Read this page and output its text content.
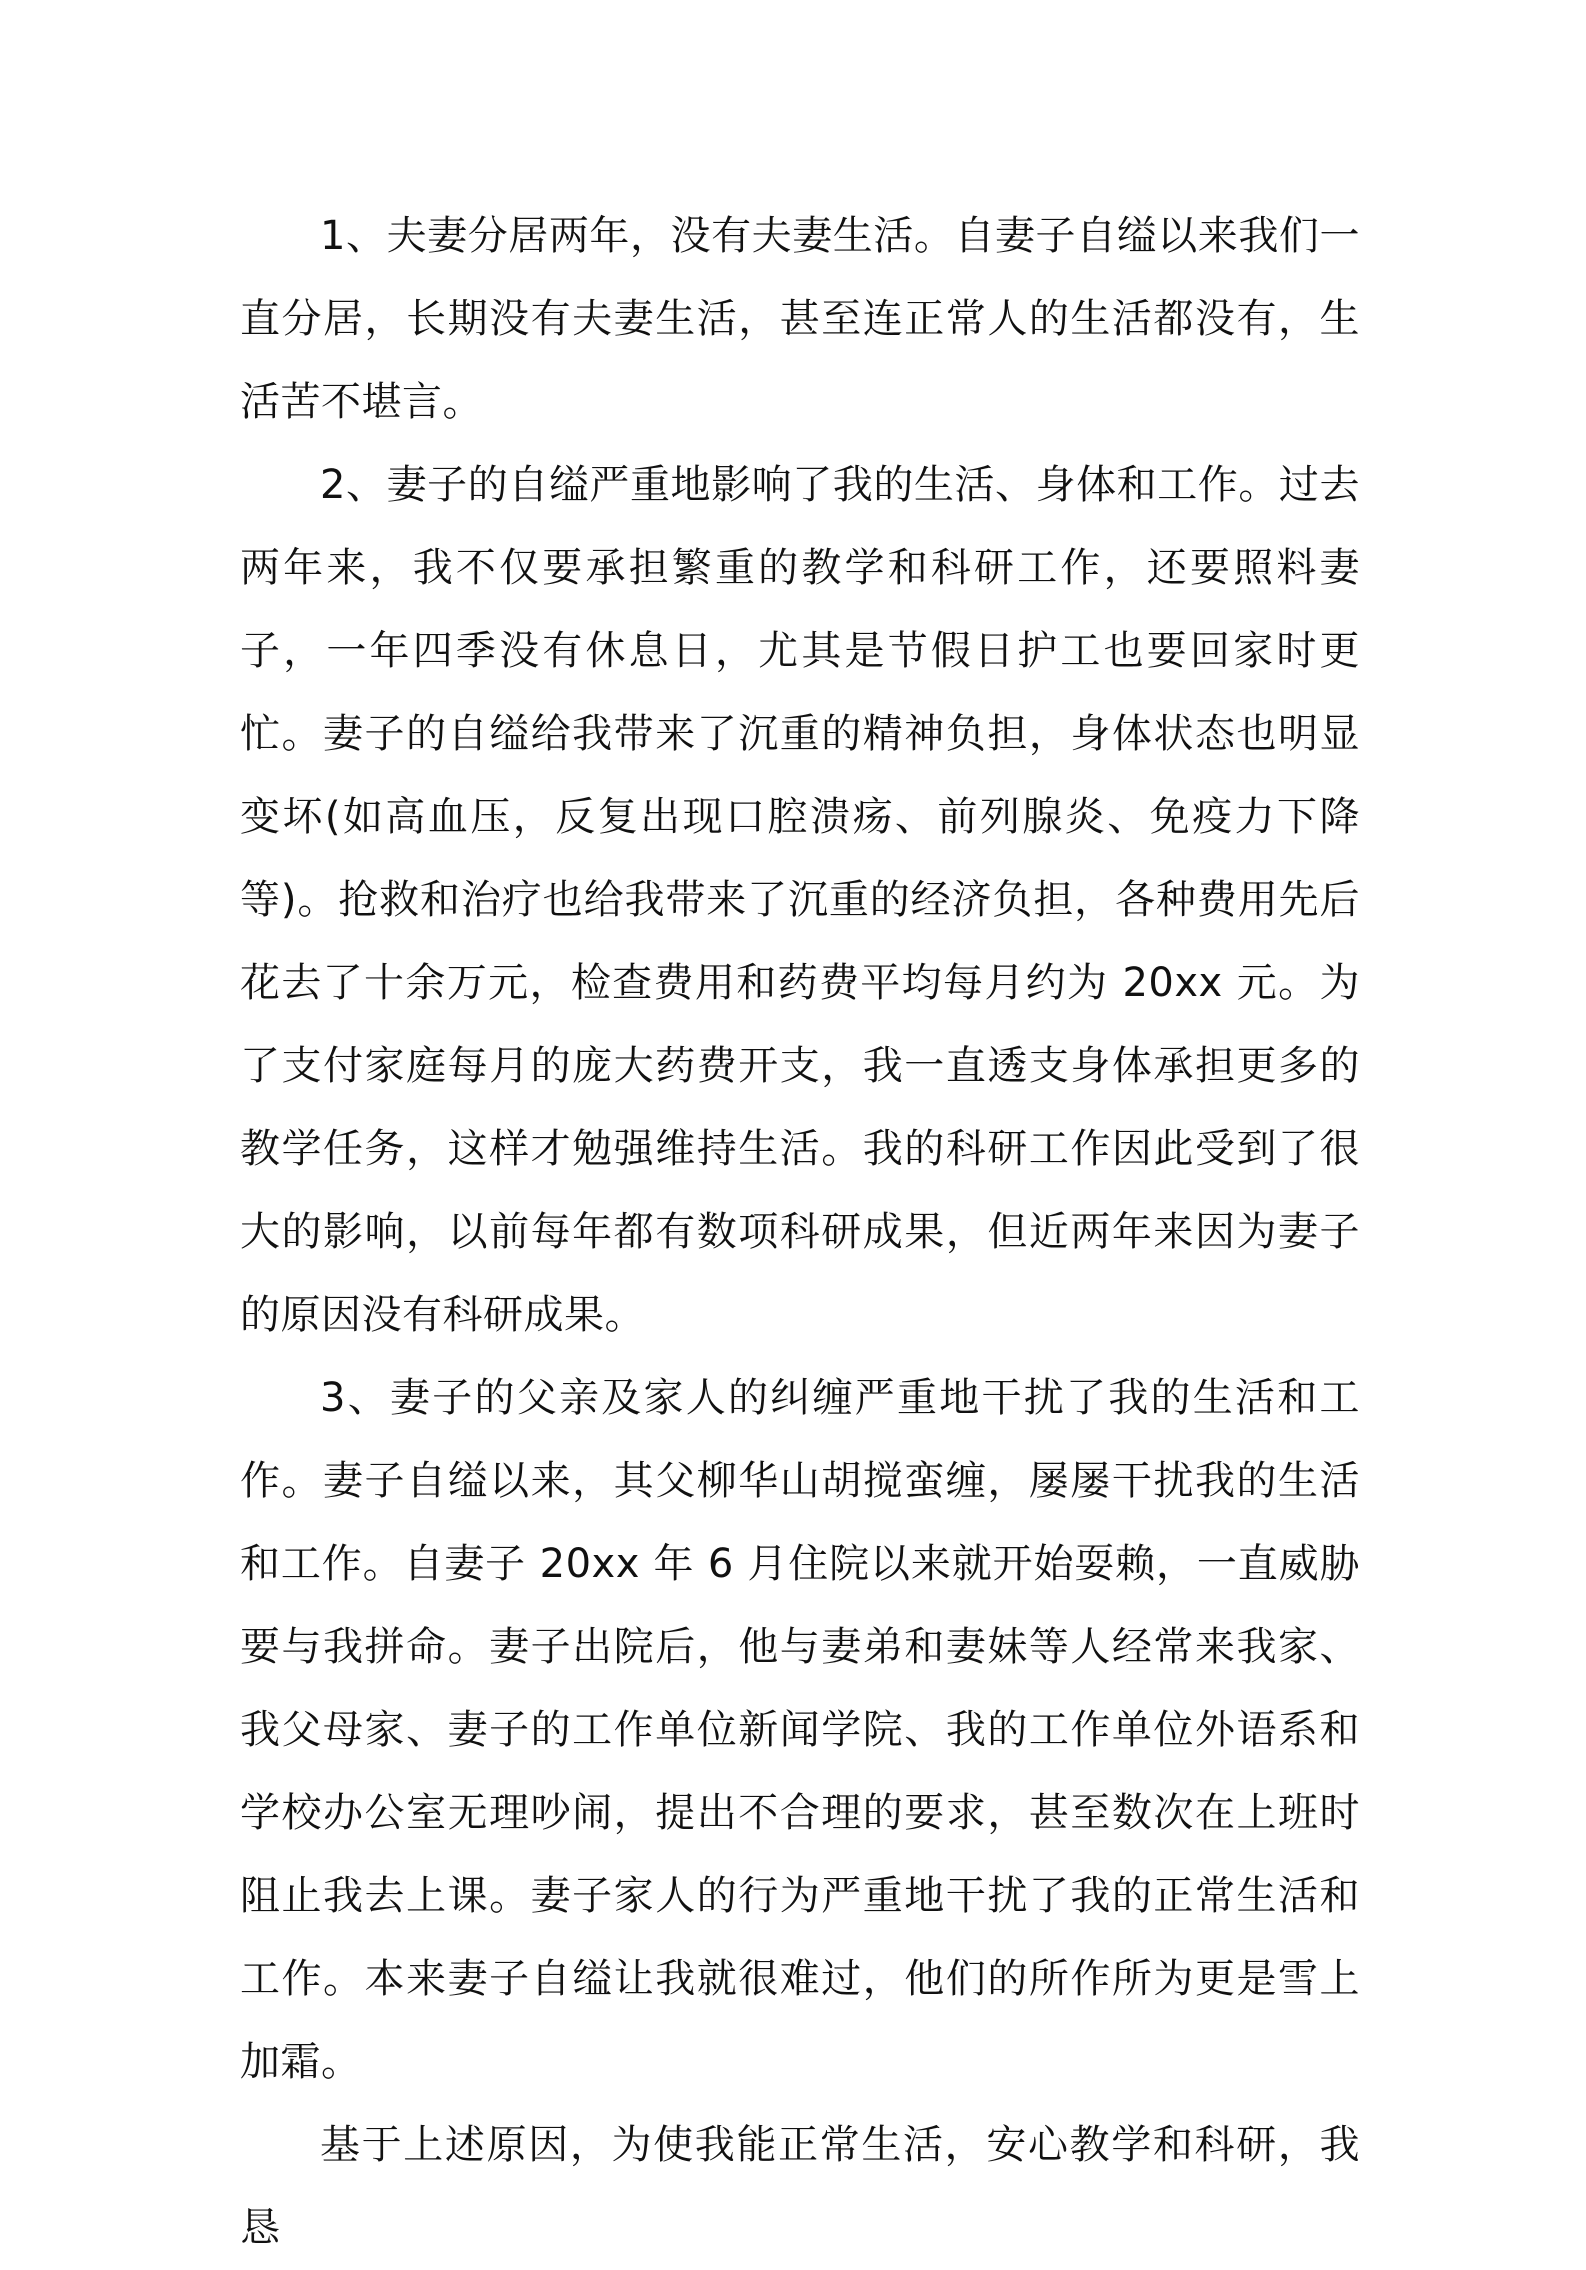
1、夫妻分居两年，没有夫妻生活。自妻子自缢以来我们一直分居，长期没有夫妻生活，甚至连正常人的生活都没有，生活苦不堪言。

2、妻子的自缢严重地影响了我的生活、身体和工作。过去两年来，我不仅要承担繁重的教学和科研工作，还要照料妻子，一年四季没有休息日，尤其是节假日护工也要回家时更忙。妻子的自缢给我带来了沉重的精神负担，身体状态也明显变坏(如高血压，反复出现口腔溃疡、前列腺炎、免疫力下降等)。抢救和治疗也给我带来了沉重的经济负担，各种费用先后花去了十余万元，检查费用和药费平均每月约为 20xx 元。为了支付家庭每月的庞大药费开支，我一直透支身体承担更多的教学任务，这样才勉强维持生活。我的科研工作因此受到了很大的影响，以前每年都有数项科研成果，但近两年来因为妻子的原因没有科研成果。

3、妻子的父亲及家人的纠缠严重地干扰了我的生活和工作。妻子自缢以来，其父柳华山胡搅蛮缠，屡屡干扰我的生活和工作。自妻子 20xx 年 6 月住院以来就开始耍赖，一直威胁要与我拼命。妻子出院后，他与妻弟和妻妹等人经常来我家、我父母家、妻子的工作单位新闻学院、我的工作单位外语系和学校办公室无理吵闹，提出不合理的要求，甚至数次在上班时阻止我去上课。妻子家人的行为严重地干扰了我的正常生活和工作。本来妻子自缢让我就很难过，他们的所作所为更是雪上加霜。

基于上述原因，为使我能正常生活，安心教学和科研，我恳
